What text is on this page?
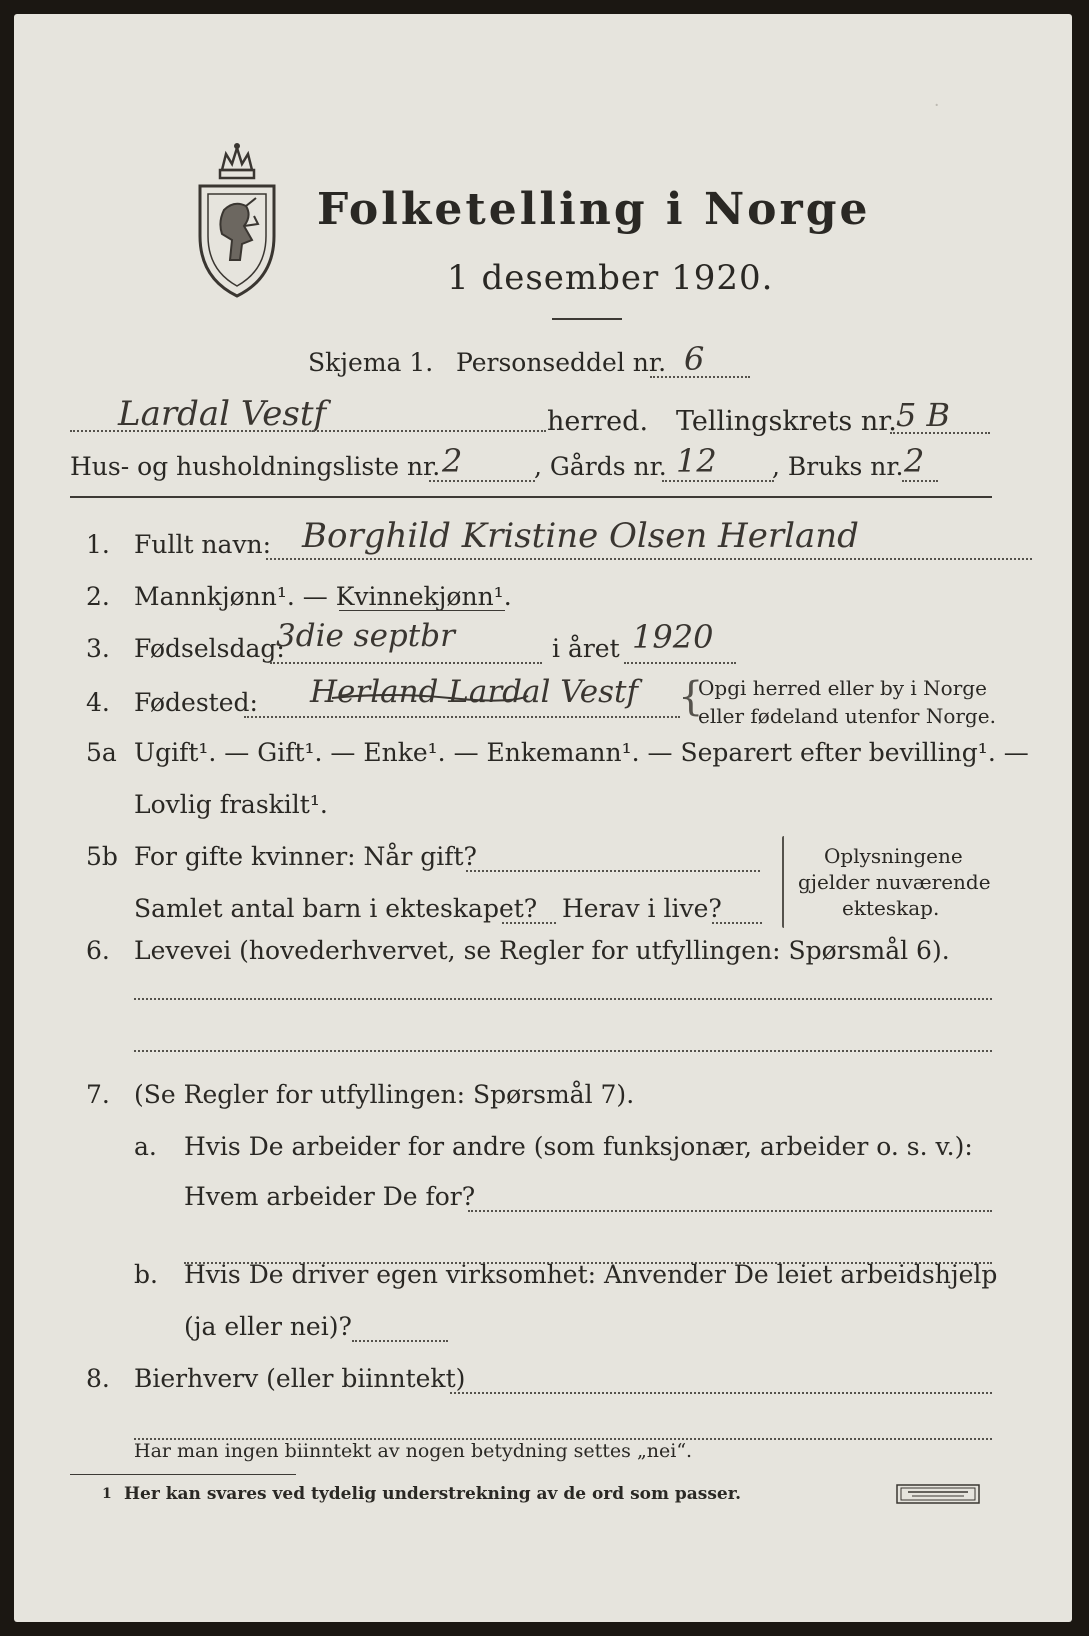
Folketelling i Norge
1 desember 1920.
·
Skjema 1. Personseddel nr. 6
Lardal Vestf	herred. Tellingskrets nr. 5 B
Hus- og husholdningsliste nr. 2	, Gårds nr. 12 , Bruks nr. 2
1. Fullt navn: Borghild Kristine Olsen Herland
2. Mannkjønn¹. — Kvinnekjønn¹.
3. Fødselsdag:
3die septbr	i året 1920
4. Fødested: Herland Lardal Vestf {
Opgi herred eller by i Norge
eller fødeland utenfor Norge.
5a Ugift¹. — Gift¹. — Enke¹. — Enkemann¹. — Separert efter bevilling¹. —
Lovlig fraskilt¹.
5b For gifte kvinner: Når gift?
Samlet antal barn i ekteskapet? Herav i live?
Oplysningene
gjelder nuværende
ekteskap.
6. Levevei (hovederhvervet, se Regler for utfyllingen: Spørsmål 6).
7. (Se Regler for utfyllingen: Spørsmål 7).
a. Hvis De arbeider for andre (som funksjonær, arbeider o. s. v.):
Hvem arbeider De for?
b. Hvis De driver egen virksomhet: Anvender De leiet arbeidshjelp
(ja eller nei)?
8. Bierhverv (eller biinntekt)
Har man ingen biinntekt av nogen betydning settes „nei“.
1 Her kan svares ved tydelig understrekning av de ord som passer.
